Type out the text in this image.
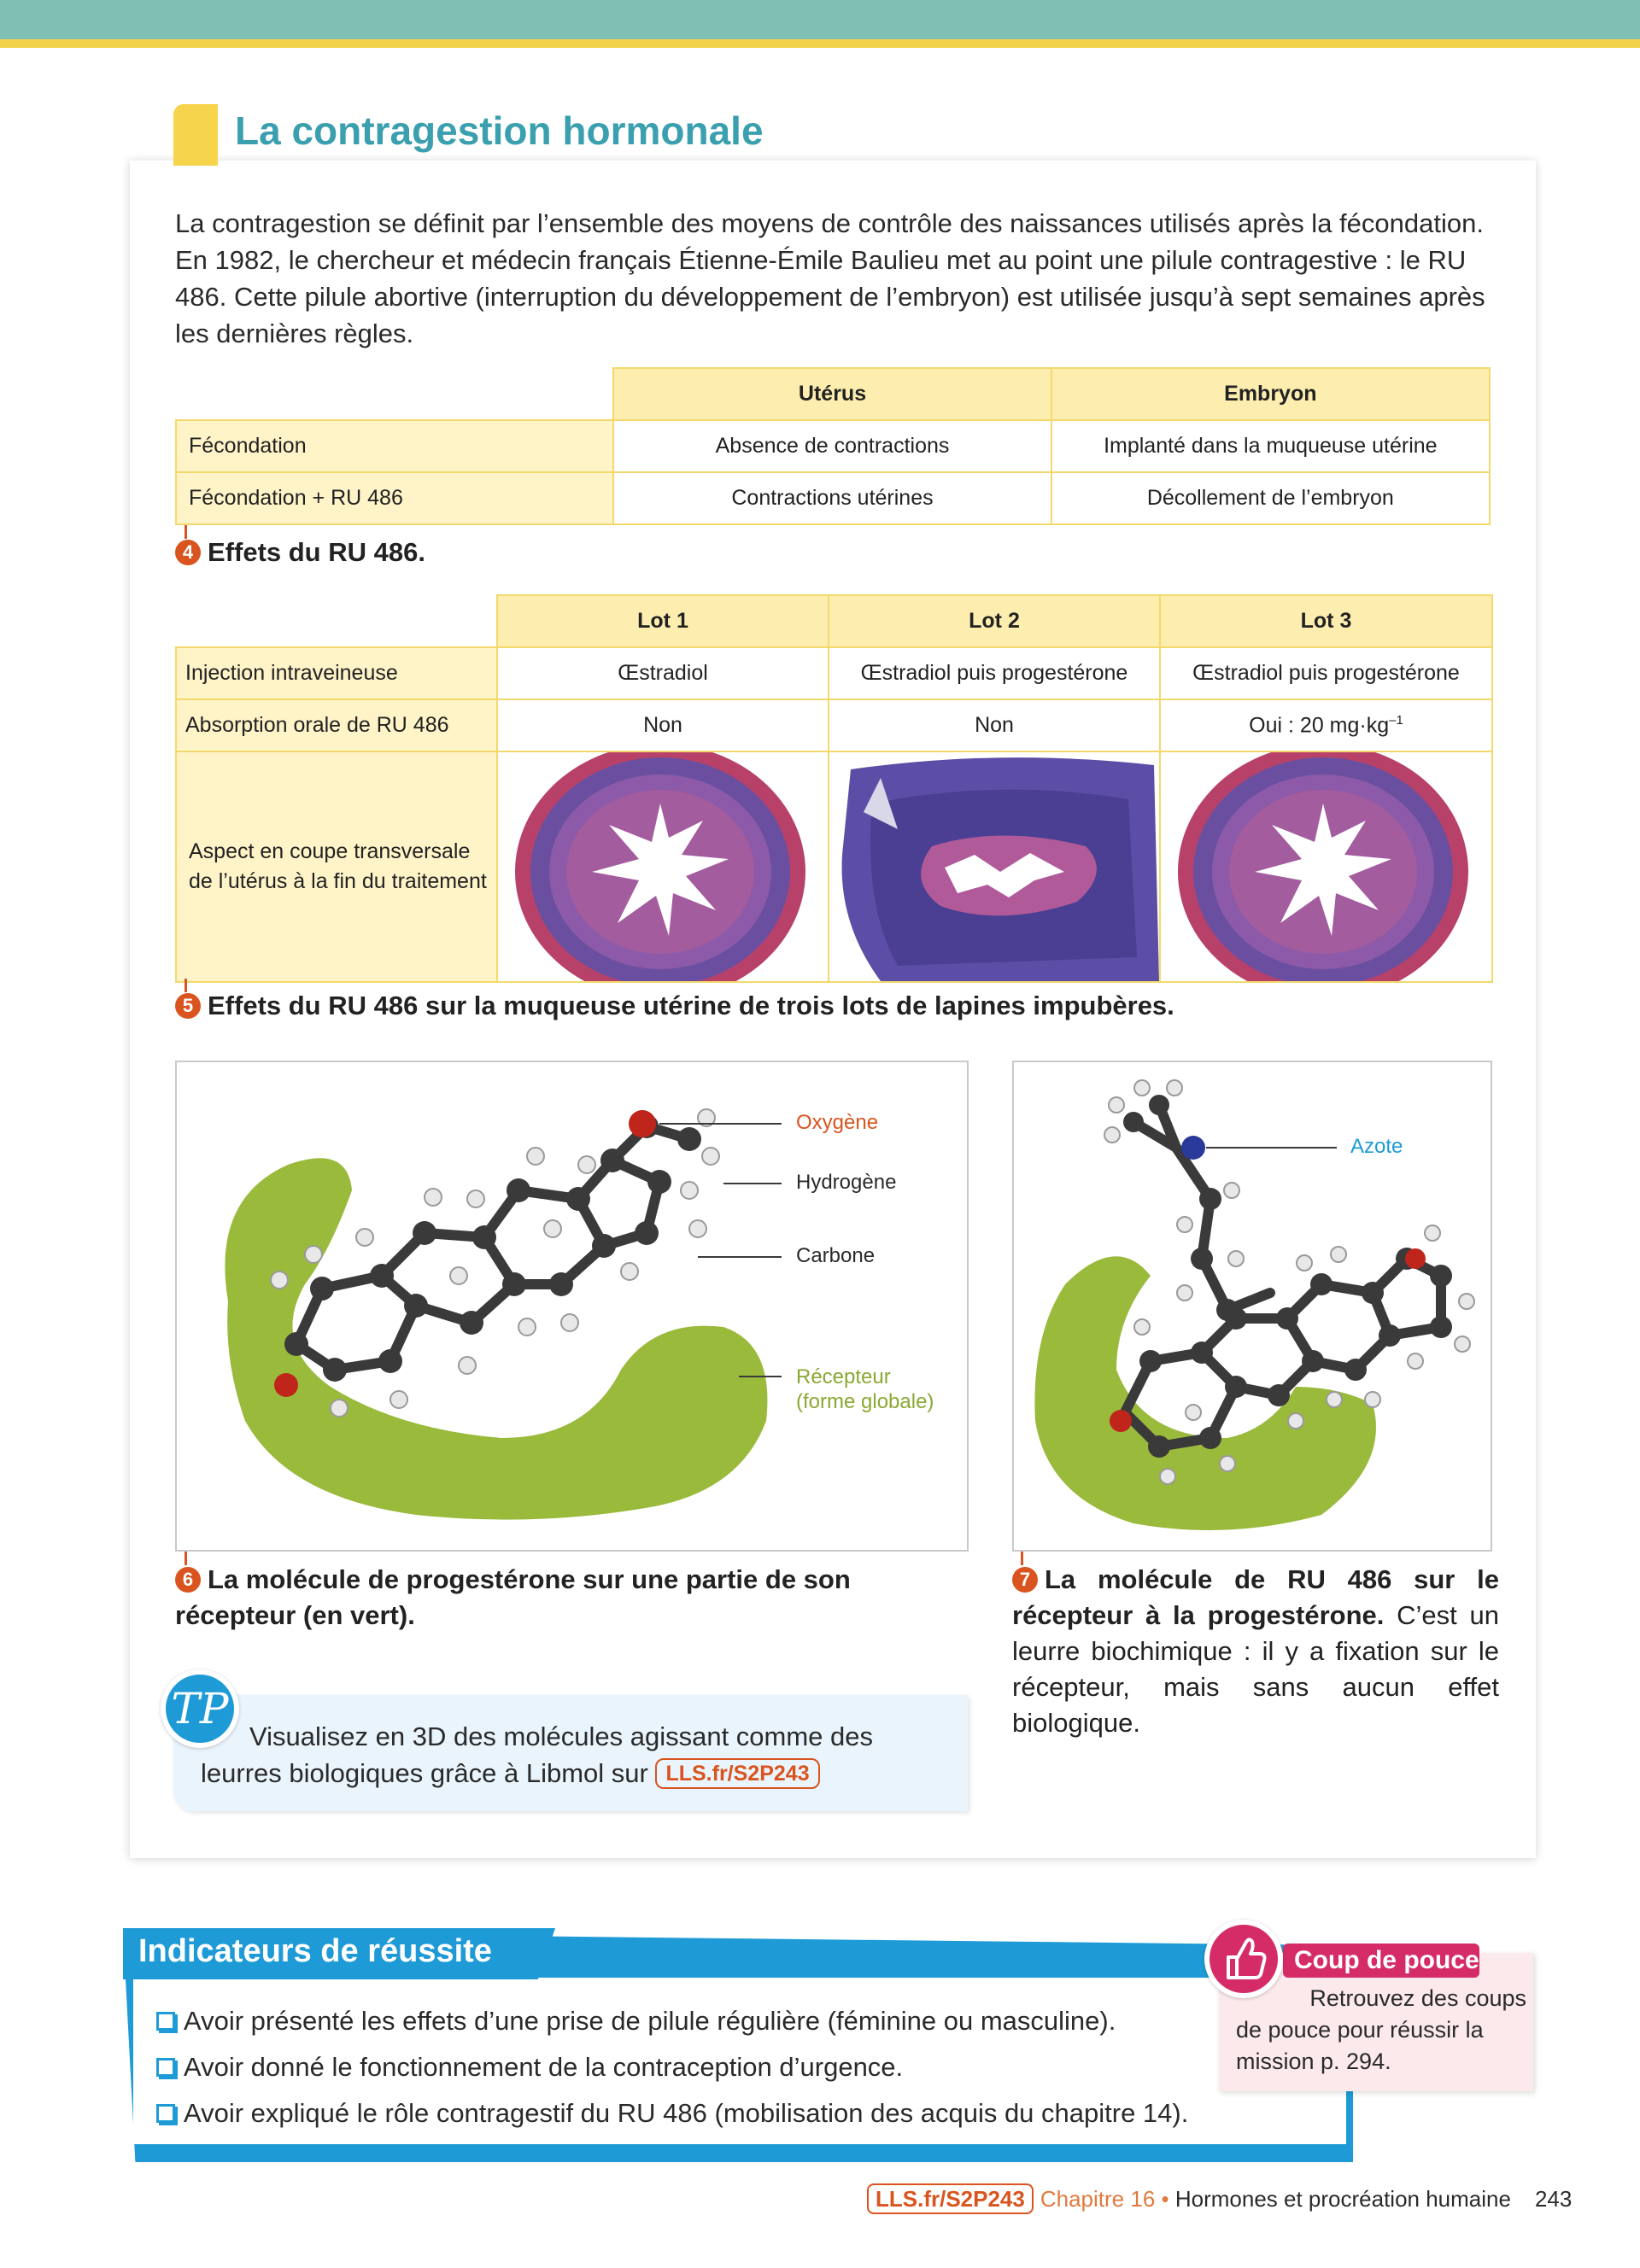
La contragestion hormonale

La contragestion se définit par l’ensemble des moyens de contrôle des naissances utilisés après la fécondation. En 1982, le chercheur et médecin français Étienne-Émile Baulieu met au point une pilule contragestive : le RU 486. Cette pilule abortive (interruption du développement de l’embryon) est utilisée jusqu’à sept semaines après les dernières règles.

	Utérus	Embryon
Fécondation	Absence de contractions	Implanté dans la muqueuse utérine
Fécondation + RU 486	Contractions utérines	Décollement de l’embryon
4 Effets du RU 486.
	Lot 1	Lot 2	Lot 3
Injection intraveineuse	Œstradiol	Œstradiol puis progestérone	Œstradiol puis progestérone
Absorption orale de RU 486	Non	Non	Oui : 20 $mg\cdot kg^{-1}$
Aspect en coupe transversale de l’utérus à la fin du traitement	

5 Effets du RU 486 sur la muqueuse utérine de trois lots de lapines impubères.
Oxygène
Hydrogène
Carbone
Récepteur
(forme globale)
6 La molécule de progestérone sur une partie de son récepteur (en vert).
Azote
7 La molécule de RU 486 sur le récepteur à la progestérone. C’est un leurre biochimique : il y a fixation sur le récepteur, mais sans aucun effet biologique.
Visualisez en 3D des molécules agissant comme des leurres biologiques grâce à Libmol sur LLS.fr/S2P243
TP
Indicateurs de réussite
Avoir présenté les effets d’une prise de pilule régulière (féminine ou masculine).
Avoir donné le fonctionnement de la contraception d’urgence.
Avoir expliqué le rôle contragestif du RU 486 (mobilisation des acquis du chapitre 14).
Coup de pouce
Retrouvez des coups
de pouce pour réussir la mission p. 294.
LLS.fr/S2P243 Chapitre 16 • Hormones et procréation humaine 243
